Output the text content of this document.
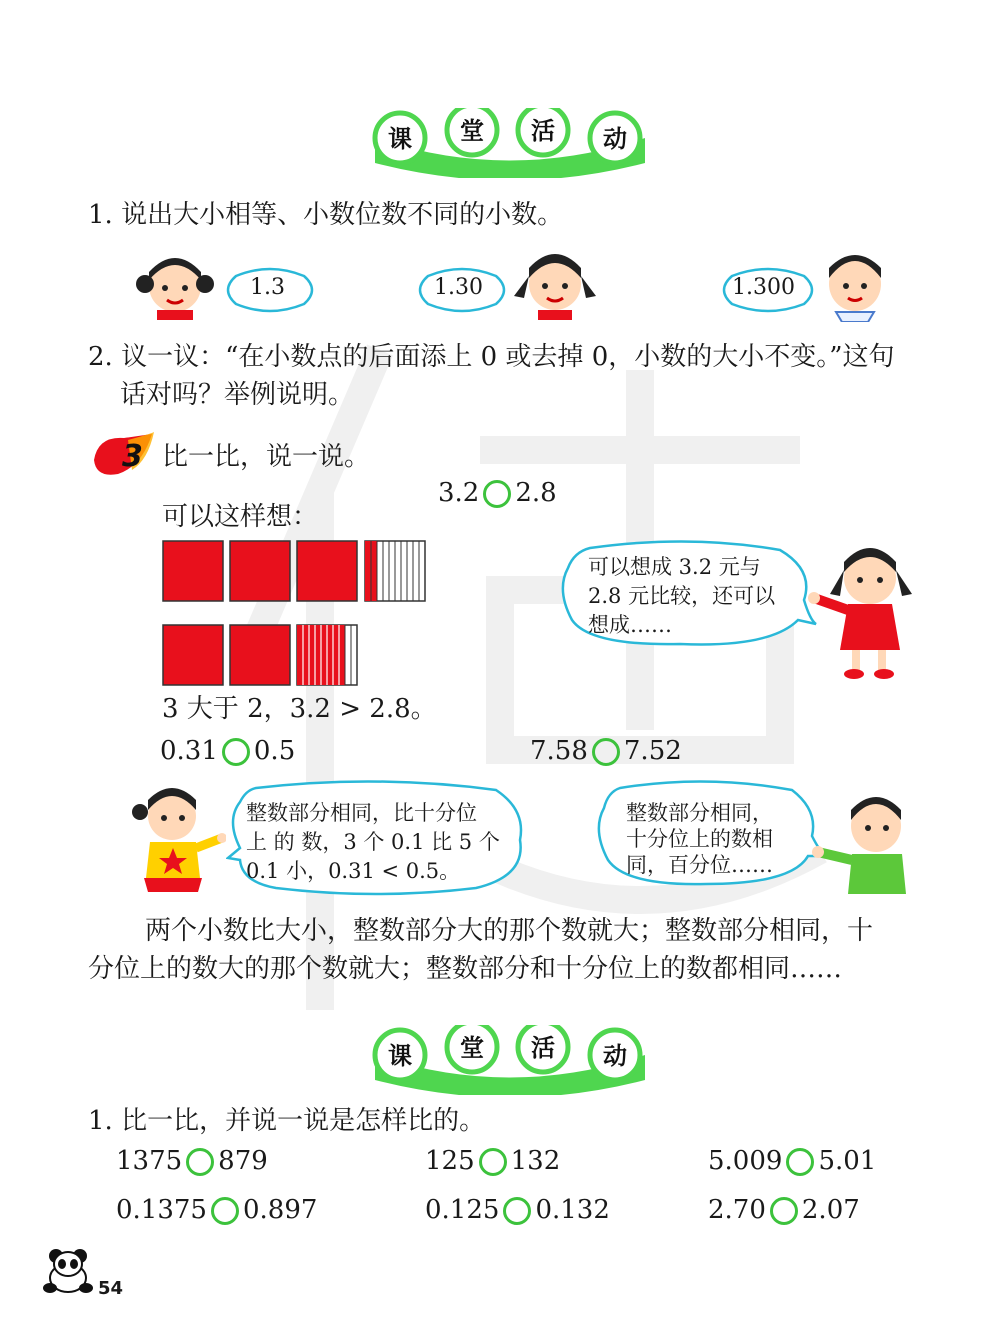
课 堂 活 动
1. 说出大小相等、小数位数不同的小数。
1.3	1.30	1.300
2. 议一议：“在小数点的后面添上 0 或去掉 0，小数的大小不变。”这句
话对吗？举例说明。
3 比一比，说一说。
3.2 2.8
可以这样想：
可以想成 3.2 元与
2.8 元比较，还可以
想成……
3 大于 2，3.2 > 2.8。
0.31 0.5	7.58 7.52
整数部分相同，比十分位
上 的 数，3 个 0.1 比 5 个
0.1 小，0.31 < 0.5。
整数部分相同，
十分位上的数相
同，百分位……
两个小数比大小，整数部分大的那个数就大；整数部分相同，十
分位上的数大的那个数就大；整数部分和十分位上的数都相同……
课 堂 活 动
1. 比一比，并说一说是怎样比的。
1375 879	125 132	5.009 5.01
0.1375 0.897	0.125 0.132	2.70 2.07
54
